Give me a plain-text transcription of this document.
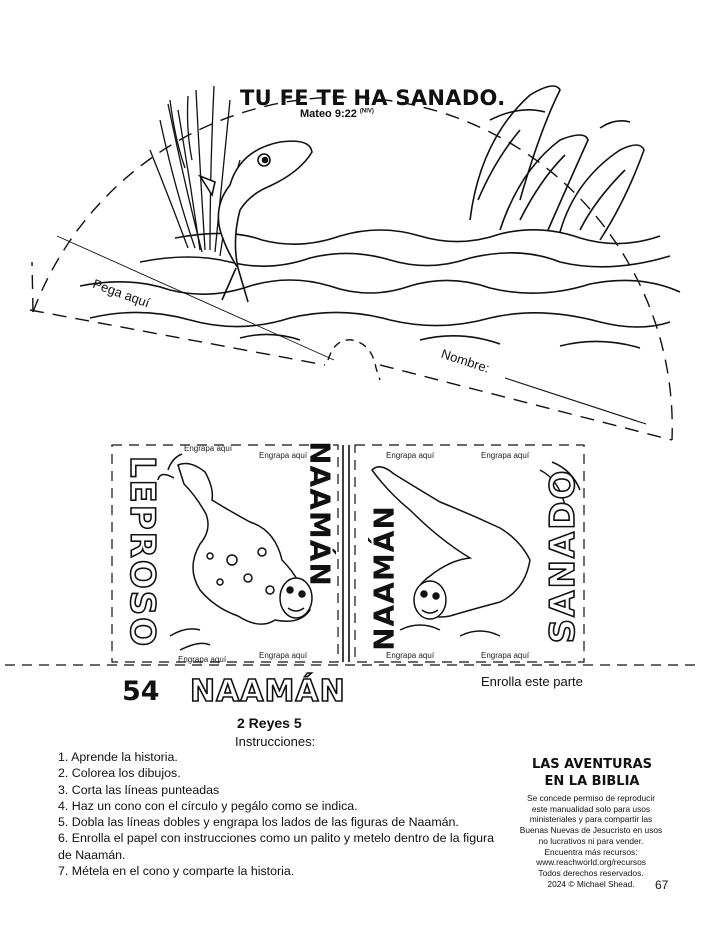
TU FE TE HA SANADO.
Mateo 9:22 $^{(NIV)}$
Pega aquí
Nombre:
Engrapa aquí
Engrapa aquí
Engrapa aquí	Engrapa aquí
Engrapa aquí	Engrapa aquí
Engrapa aquí	Engrapa aquí
LEPROSO	NAAMÁN NAAMÁN	SANADO
54 NAAMÁN
2 Reyes 5
Instrucciones:
Enrolla este parte
1. Aprende la historia.
2. Colorea los dibujos.
3. Corta las líneas punteadas
4. Haz un cono con el círculo y pegálo como se indica.
5. Dobla las líneas dobles y engrapa los lados de las figuras de Naamán.
6. Enrolla el papel con instrucciones como un palito y metelo dentro de la figura de Naamán.
7. Métela en el cono y comparte la historia.
LAS AVENTURAS
EN LA BIBLIA
Se concede permiso de reproducir
este manualidad solo para usos
ministeriales y para compartir las
Buenas Nuevas de Jesucristo en usos
no lucrativos ni para vender.
Encuentra más recursos:
www.reachworld.org/recursos
Todos derechos reservados.
2024 © Michael Shead.	67
